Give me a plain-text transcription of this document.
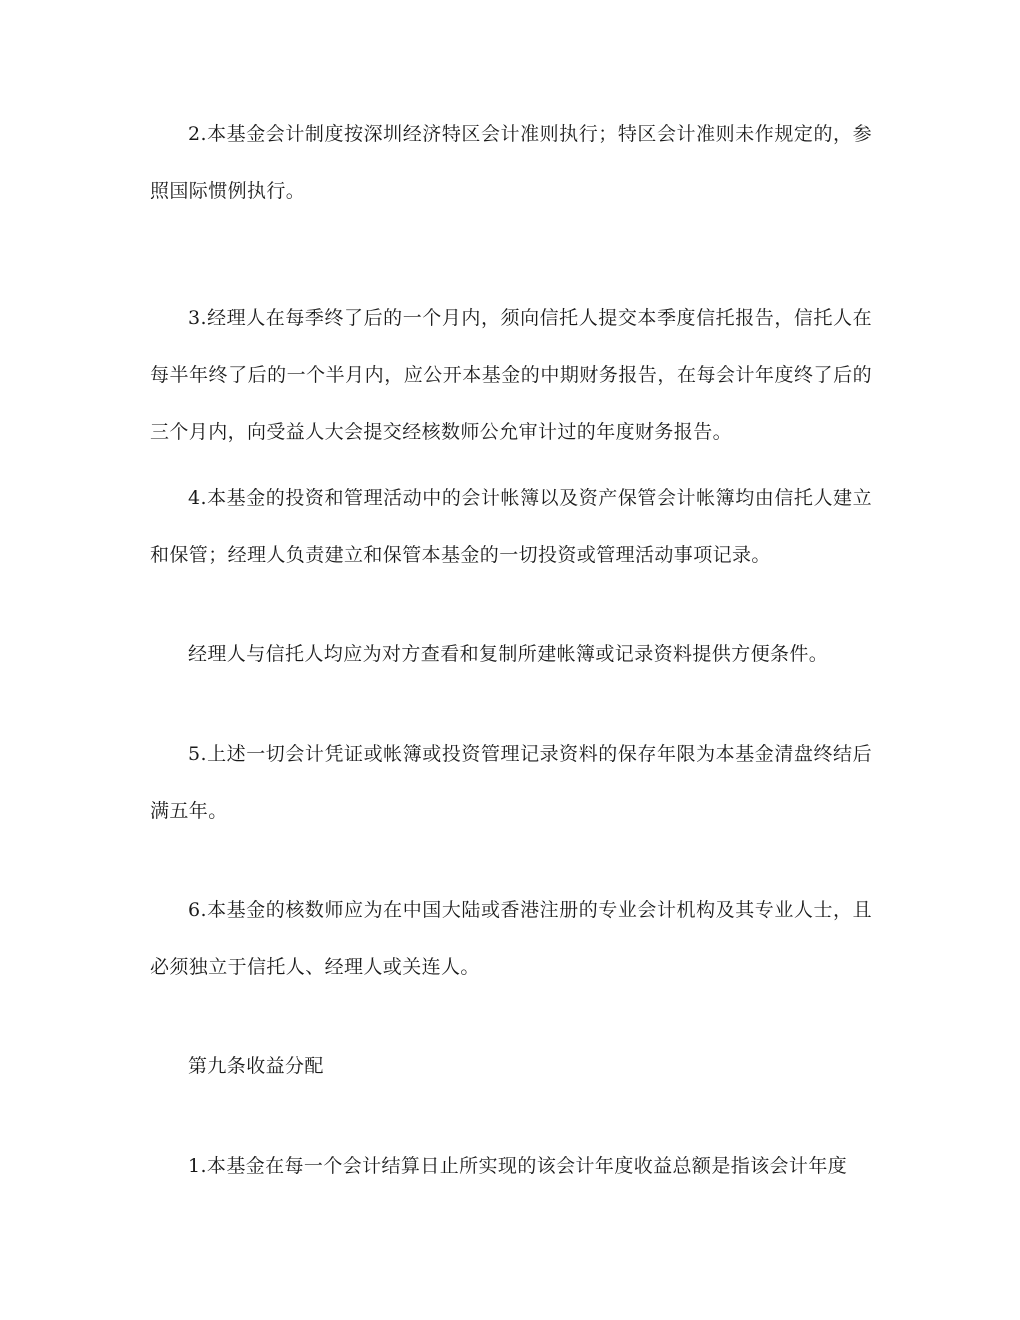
2.本基金会计制度按深圳经济特区会计准则执行；特区会计准则未作规定的，参照国际惯例执行。

3.经理人在每季终了后的一个月内，须向信托人提交本季度信托报告，信托人在每半年终了后的一个半月内，应公开本基金的中期财务报告，在每会计年度终了后的三个月内，向受益人大会提交经核数师公允审计过的年度财务报告。

4.本基金的投资和管理活动中的会计帐簿以及资产保管会计帐簿均由信托人建立和保管；经理人负责建立和保管本基金的一切投资或管理活动事项记录。

经理人与信托人均应为对方查看和复制所建帐簿或记录资料提供方便条件。

5.上述一切会计凭证或帐簿或投资管理记录资料的保存年限为本基金清盘终结后满五年。

6.本基金的核数师应为在中国大陆或香港注册的专业会计机构及其专业人士，且必须独立于信托人、经理人或关连人。

第九条收益分配

1.本基金在每一个会计结算日止所实现的该会计年度收益总额是指该会计年度
